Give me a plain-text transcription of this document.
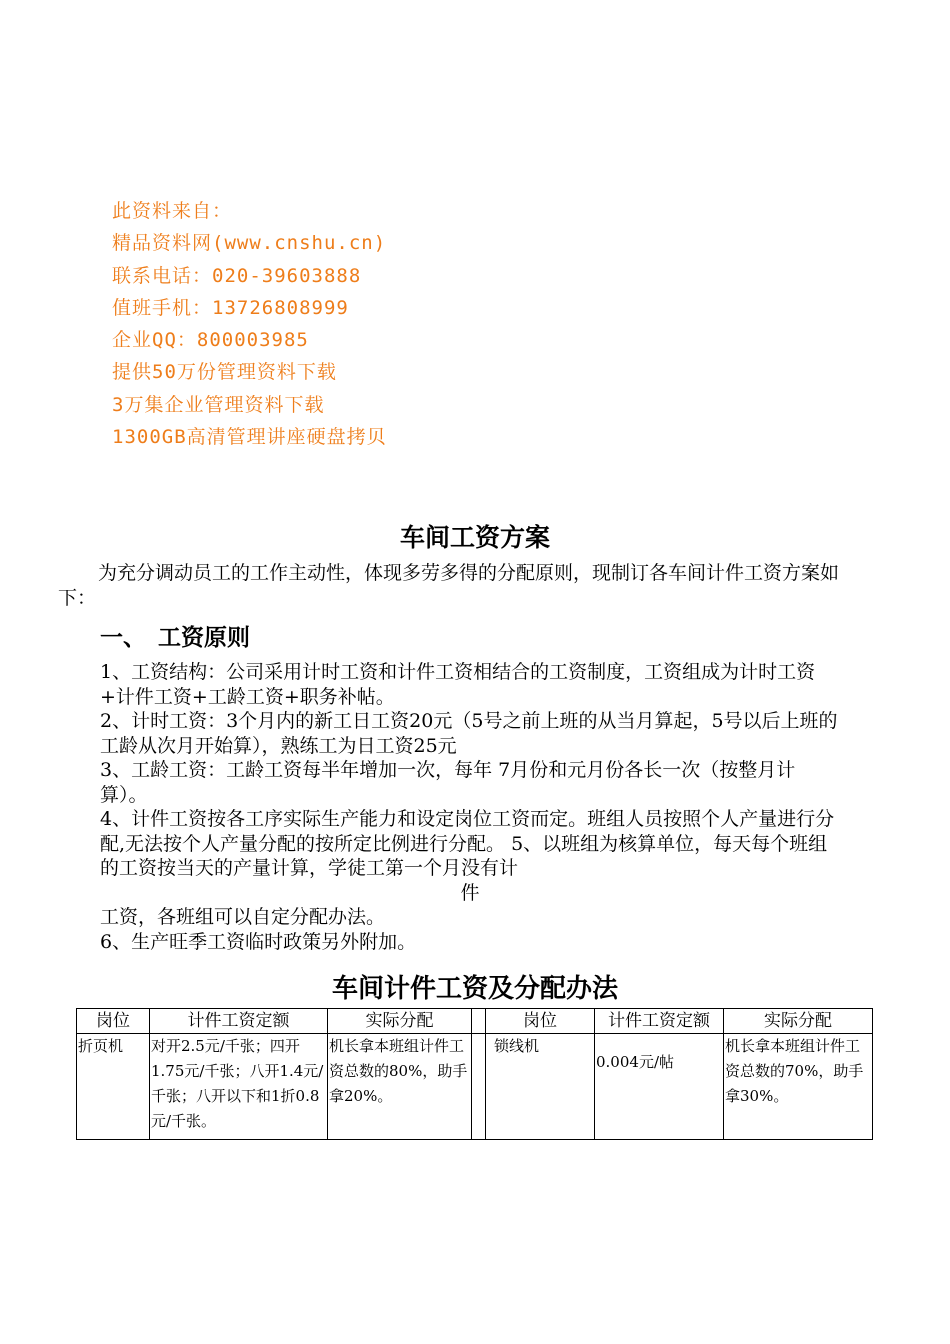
此资料来自：
精品资料网(www.cnshu.cn)
联系电话：020-39603888
值班手机：13726808999
企业QQ：800003985
提供50万份管理资料下载
3万集企业管理资料下载
1300GB高清管理讲座硬盘拷贝
车间工资方案
为充分调动员工的工作主动性，体现多劳多得的分配原则，现制订各车间计件工资方案如下：
一、 工资原则
1、工资结构：公司采用计时工资和计件工资相结合的工资制度，工资组成为计时工资+计件工资+工龄工资+职务补帖。
2、计时工资：3个月内的新工日工资20元（5号之前上班的从当月算起，5号以后上班的工龄从次月开始算），熟练工为日工资25元
3、工龄工资：工龄工资每半年增加一次，每年 7月份和元月份各长一次（按整月计算）。
4、计件工资按各工序实际生产能力和设定岗位工资而定。班组人员按照个人产量进行分配,无法按个人产量分配的按所定比例进行分配。 5、以班组为核算单位，每天每个班组的工资按当天的产量计算，学徒工第一个月没有计
件
工资，各班组可以自定分配办法。
6、生产旺季工资临时政策另外附加。
车间计件工资及分配办法
岗位	计件工资定额	实际分配		岗位	计件工资定额	实际分配
折页机	对开2.5元/千张；四开1.75元/千张；八开1.4元/千张；八开以下和1折0.8元/千张。	机长拿本班组计件工资总数的80%，助手拿20%。		锁线机	0.004元/帖	机长拿本班组计件工资总数的70%，助手拿30%。
